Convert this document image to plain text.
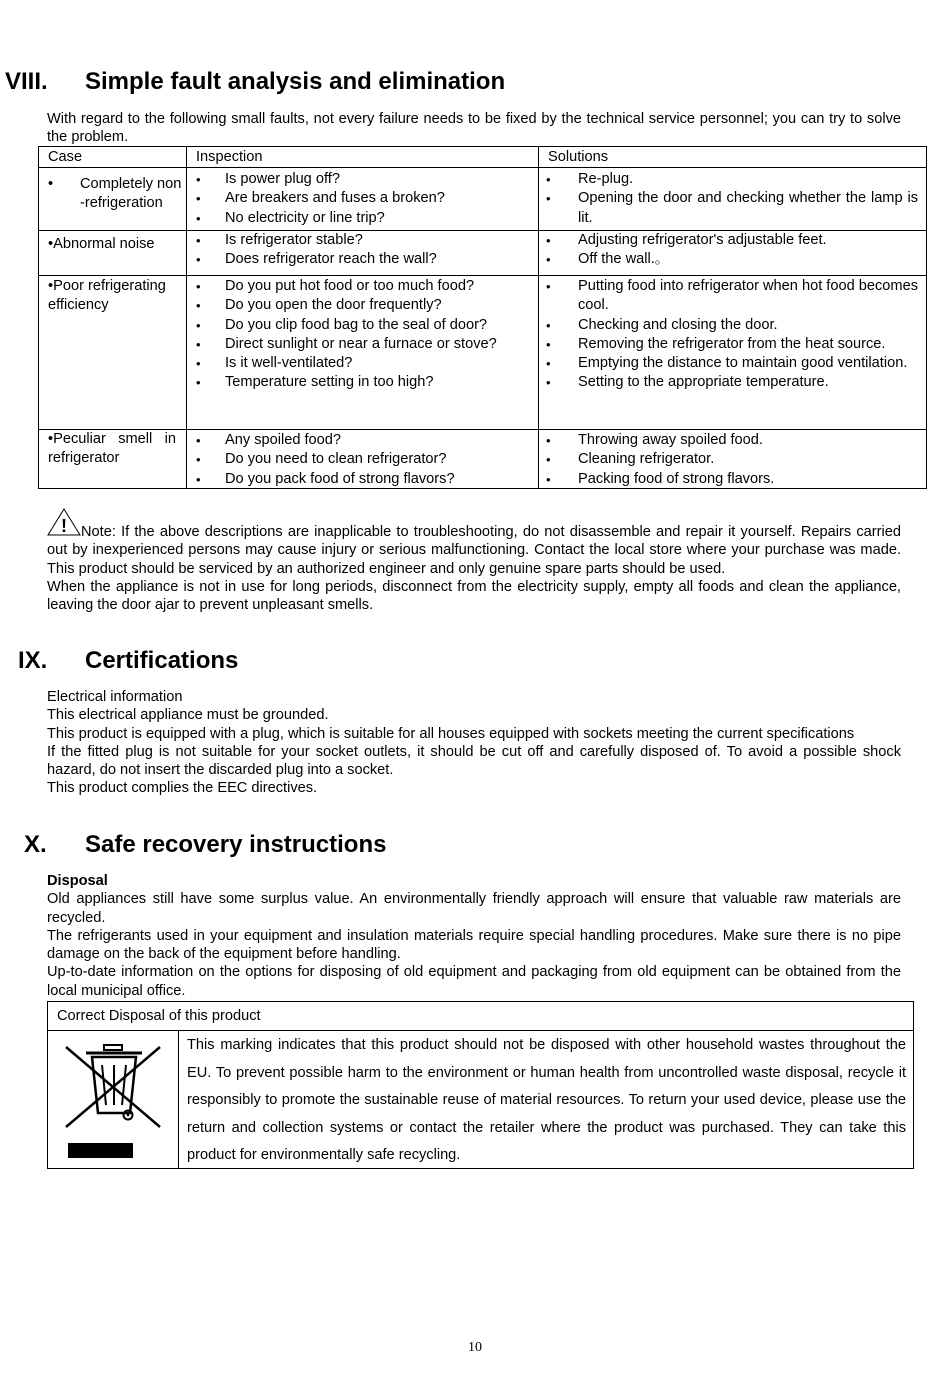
VIII. Simple fault analysis and elimination
With regard to the following small faults, not every failure needs to be fixed by the technical service personnel; you can try to solve the problem.
Case	Inspection	Solutions
• Completely non-refrigeration
• Is power plug off?
• Are breakers and fuses a broken?
• No electricity or line trip?
• Re-plug.
• Opening the door and checking whether the lamp is lit.
•Abnormal noise
•	Is refrigerator stable?
• Does refrigerator reach the wall?
• Adjusting refrigerator's adjustable feet.
• Off the wall.。
•Poor refrigerating efficiency
• Do you put hot food or too much food?
• Do you open the door frequently?
• Do you clip food bag to the seal of door?
• Direct sunlight or near a furnace or stove?
• Is it well-ventilated?
• Temperature setting in too high?
• Putting food into refrigerator when hot food becomes cool.
• Checking and closing the door.
• Removing the refrigerator from the heat source.
• Emptying the distance to maintain good ventilation.
• Setting to the appropriate temperature.
•Peculiar smell in refrigerator
• Any spoiled food?
• Do you need to clean refrigerator?
• Do you pack food of strong flavors?
• Throwing away spoiled food.
• Cleaning refrigerator.
• Packing food of strong flavors.
! Note: If the above descriptions are inapplicable to troubleshooting, do not disassemble and repair it yourself. Repairs carried out by inexperienced persons may cause injury or serious malfunctioning. Contact the local store where your purchase was made. This product should be serviced by an authorized engineer and only genuine spare parts should be used.

When the appliance is not in use for long periods, disconnect from the electricity supply, empty all foods and clean the appliance, leaving the door ajar to prevent unpleasant smells.

IX. Certifications

Electrical information

This electrical appliance must be grounded.

This product is equipped with a plug, which is suitable for all houses equipped with sockets meeting the current specifications

If the fitted plug is not suitable for your socket outlets, it should be cut off and carefully disposed of. To avoid a possible shock hazard, do not insert the discarded plug into a socket.

This product complies the EEC directives.

X. Safe recovery instructions

Disposal

Old appliances still have some surplus value. An environmentally friendly approach will ensure that valuable raw materials are recycled.

The refrigerants used in your equipment and insulation materials require special handling procedures. Make sure there is no pipe damage on the back of the equipment before handling.

Up-to-date information on the options for disposing of old equipment and packaging from old equipment can be obtained from the local municipal office.

Correct Disposal of this product
This marking indicates that this product should not be disposed with other household wastes throughout the EU. To prevent possible harm to the environment or human health from uncontrolled waste disposal, recycle it responsibly to promote the sustainable reuse of material resources. To return your used device, please use the return and collection systems or contact the retailer where the product was purchased. They can take this product for environmentally safe recycling.
10
